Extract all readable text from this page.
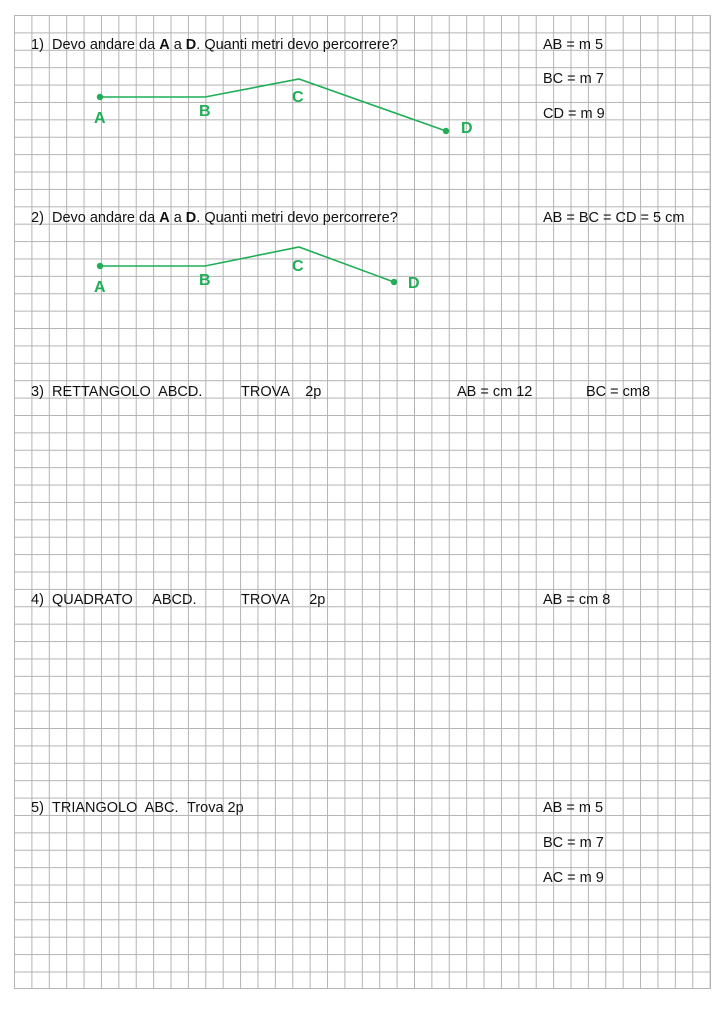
1) Devo andare da A a D. Quanti metri devo percorrere?	AB = m 5
BC = m 7
CD = m 9
2) Devo andare da A a D. Quanti metri devo percorrere?	AB = BC = CD = 5 cm
3) RETTANGOLO  ABCD.	TROVA    2p	AB = cm 12	BC = cm8
4) QUADRATO     ABCD.	TROVA     2p	AB = cm 8
5) TRIANGOLO  ABC. Trova 2p	AB = m 5
BC = m 7
AC = m 9
A	B
C
D
A	B
C
D
